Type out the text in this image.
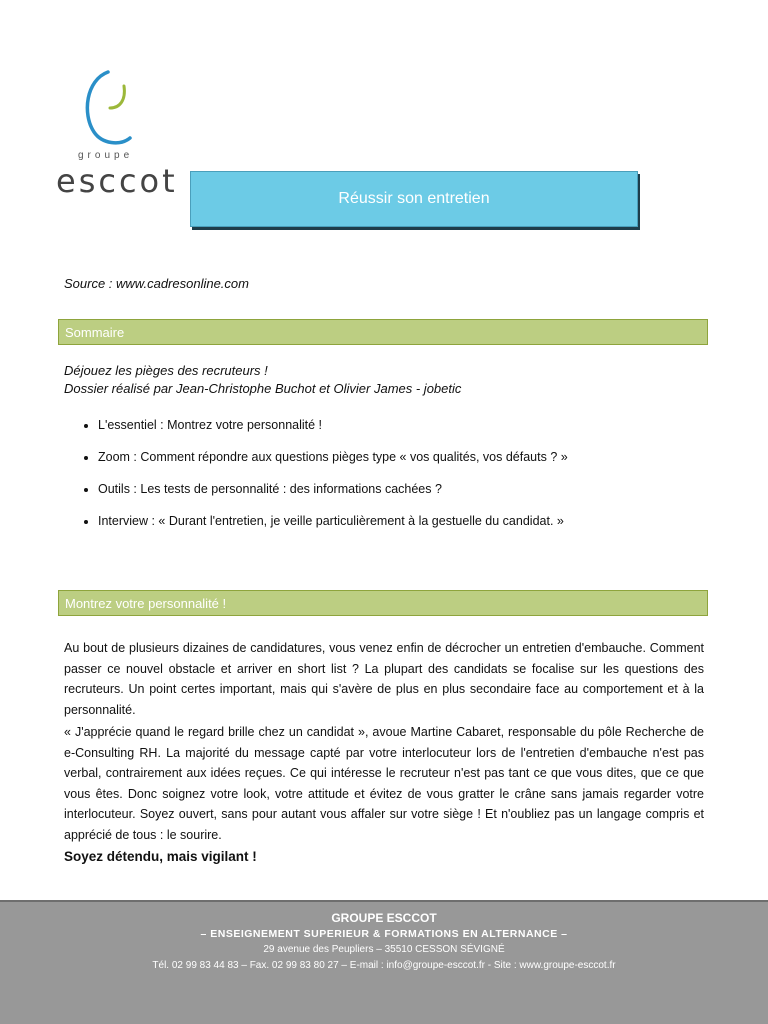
groupe
esccot	Réussir son entretien
Source : www.cadresonline.com
Sommaire
Déjouez les pièges des recruteurs !
Dossier réalisé par Jean-Christophe Buchot et Olivier James - jobetic
• L'essentiel : Montrez votre personnalité !
• Zoom : Comment répondre aux questions pièges type « vos qualités, vos défauts ? »
• Outils : Les tests de personnalité : des informations cachées ?
• Interview : « Durant l'entretien, je veille particulièrement à la gestuelle du candidat. »
Montrez votre personnalité !
Au bout de plusieurs dizaines de candidatures, vous venez enfin de décrocher un entretien d'embauche. Comment passer ce nouvel obstacle et arriver en short list ? La plupart des candidats se focalise sur les questions des recruteurs. Un point certes important, mais qui s'avère de plus en plus secondaire face au comportement et à la personnalité.
« J'apprécie quand le regard brille chez un candidat », avoue Martine Cabaret, responsable du pôle Recherche de e-Consulting RH. La majorité du message capté par votre interlocuteur lors de l'entretien d'embauche n'est pas verbal, contrairement aux idées reçues. Ce qui intéresse le recruteur n'est pas tant ce que vous dites, que ce que vous êtes. Donc soignez votre look, votre attitude et évitez de vous gratter le crâne sans jamais regarder votre interlocuteur. Soyez ouvert, sans pour autant vous affaler sur votre siège ! Et n'oubliez pas un langage compris et apprécié de tous : le sourire.
Soyez détendu, mais vigilant !
GROUPE ESCCOT
– ENSEIGNEMENT SUPERIEUR & FORMATIONS EN ALTERNANCE –
29 avenue des Peupliers – 35510 CESSON SÉVIGNÉ
Tél. 02 99 83 44 83 – Fax. 02 99 83 80 27 – E-mail : info@groupe-esccot.fr - Site : www.groupe-esccot.fr
